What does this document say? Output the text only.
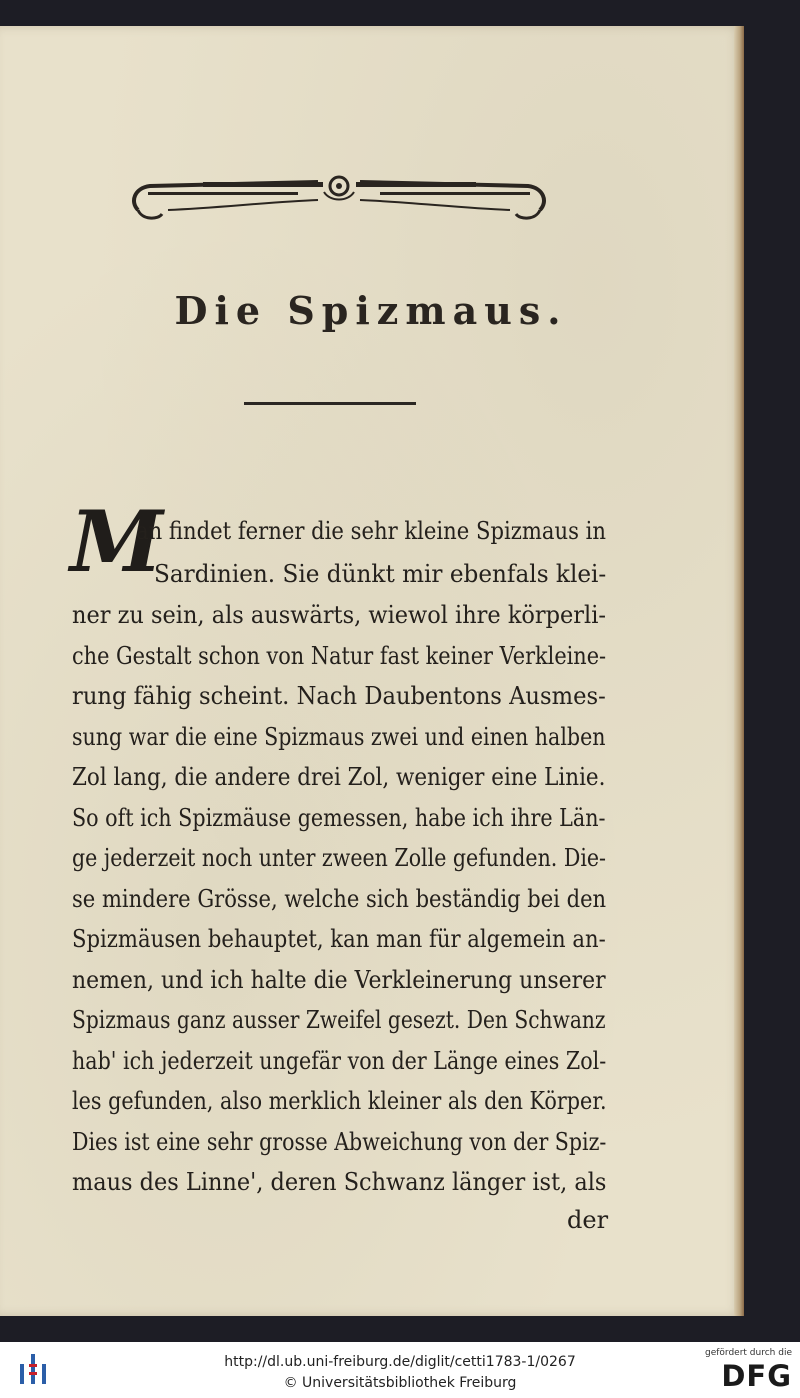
Die Spizmaus.
M
an findet ferner die sehr kleine Spizmaus in
Sardinien. Sie dünkt mir ebenfals klei-
ner zu sein, als auswärts, wiewol ihre körperli-
che Gestalt schon von Natur fast keiner Verkleine-
rung fähig scheint. Nach Daubentons Ausmes-
sung war die eine Spizmaus zwei und einen halben
Zol lang, die andere drei Zol, weniger eine Linie.
So oft ich Spizmäuse gemessen, habe ich ihre Län-
ge jederzeit noch unter zween Zolle gefunden. Die-
se mindere Grösse, welche sich beständig bei den
Spizmäusen behauptet, kan man für algemein an-
nemen, und ich halte die Verkleinerung unserer
Spizmaus ganz ausser Zweifel gesezt. Den Schwanz
hab' ich jederzeit ungefär von der Länge eines Zol-
les gefunden, also merklich kleiner als den Körper.
Dies ist eine sehr grosse Abweichung von der Spiz-
maus des Linne', deren Schwanz länger ist, als
der
http://dl.ub.uni-freiburg.de/diglit/cetti1783-1/0267
© Universitätsbibliothek Freiburg
gefördert durch die
DFG
